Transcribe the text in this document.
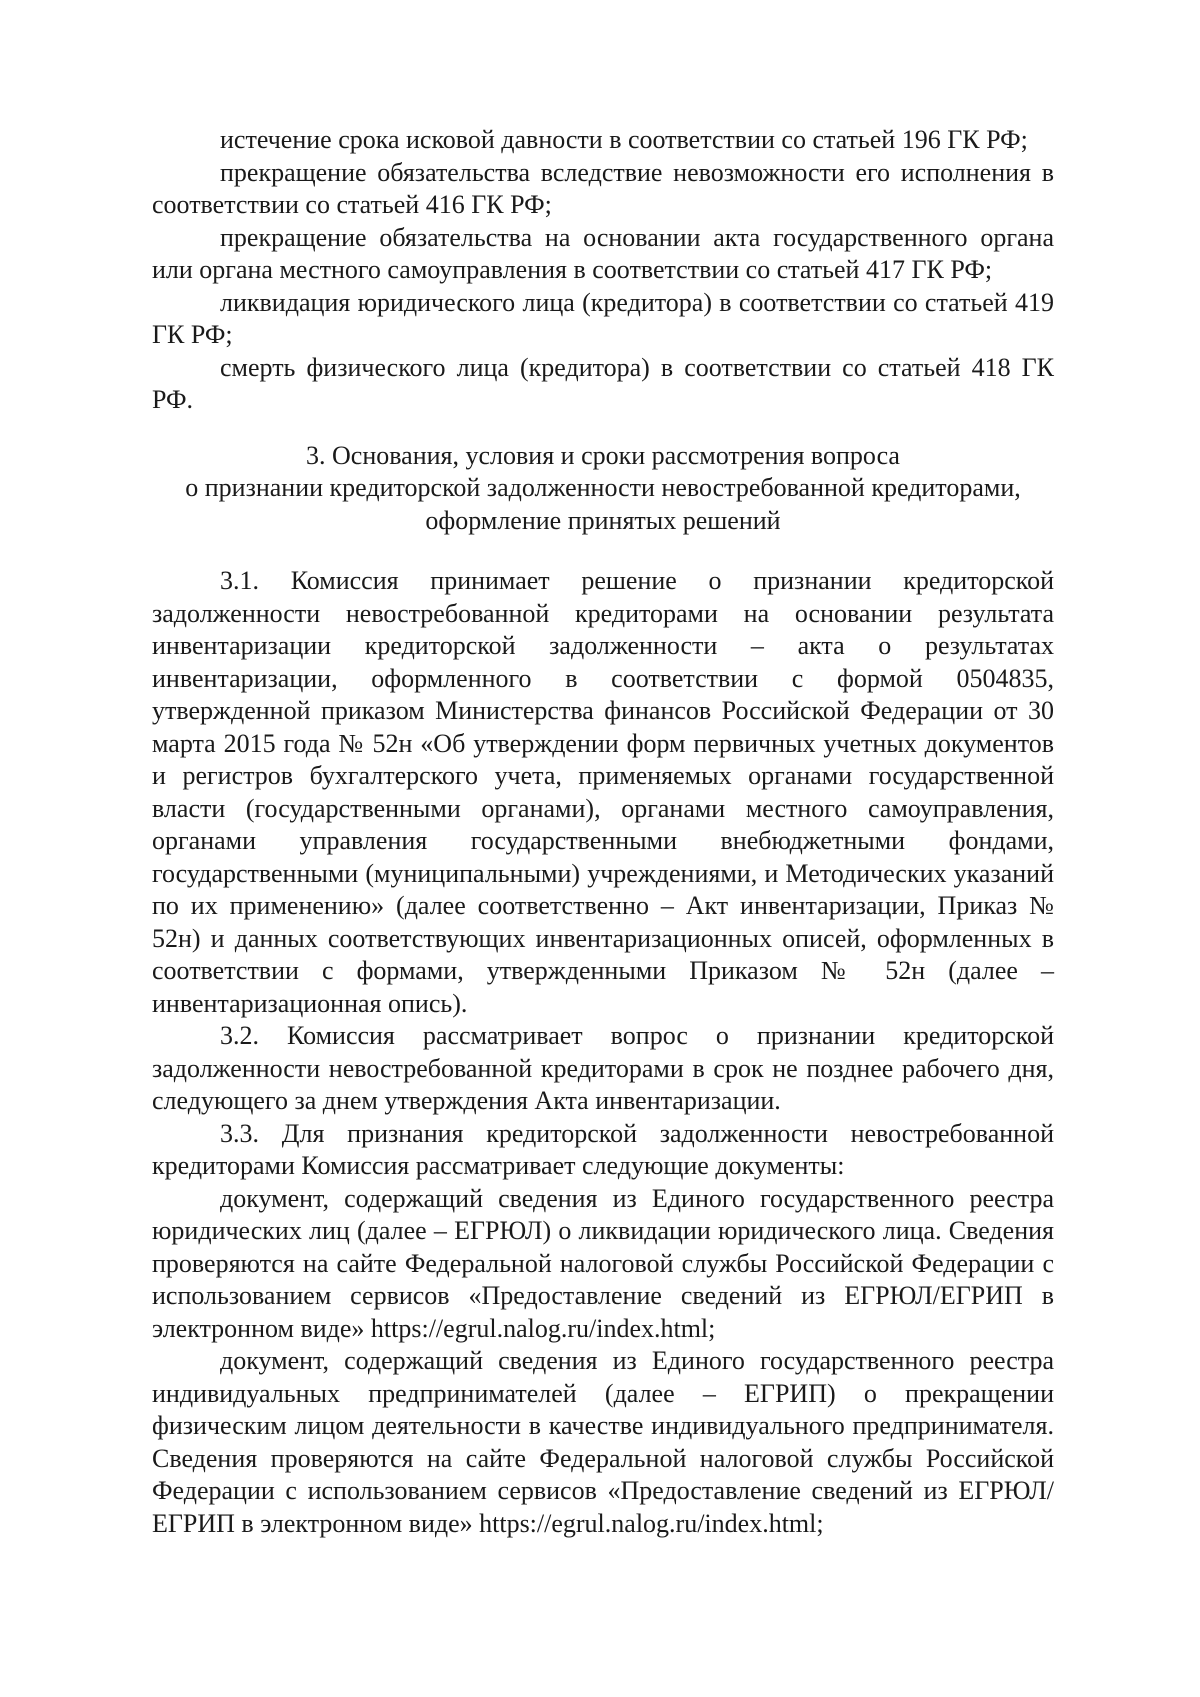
истечение срока исковой давности в соответствии со статьей 196 ГК РФ;

прекращение обязательства вследствие невозможности его исполнения в соответствии со статьей 416 ГК РФ;

прекращение обязательства на основании акта государственного органа или органа местного самоуправления в соответствии со статьей 417 ГК РФ;

ликвидация юридического лица (кредитора) в соответствии со статьей 419 ГК РФ;

смерть физического лица (кредитора) в соответствии со статьей 418 ГК РФ.

3. Основания, условия и сроки рассмотрения вопроса
о признании кредиторской задолженности невостребованной кредиторами,
оформление принятых решений

3.1. Комиссия принимает решение о признании кредиторской задолженности невостребованной кредиторами на основании результата инвентаризации кредиторской задолженности – акта о результатах инвентаризации, оформленного в соответствии с формой 0504835, утвержденной приказом Министерства финансов Российской Федерации от 30 марта 2015 года № 52н «Об утверждении форм первичных учетных документов и регистров бухгалтерского учета, применяемых органами государственной власти (государственными органами), органами местного самоуправления, органами управления государственными внебюджетными фондами, государственными (муниципальными) учреждениями, и Методических указаний по их применению» (далее соответственно – Акт инвентаризации, Приказ № 52н) и данных соответствующих инвентаризационных описей, оформленных в соответствии с формами, утвержденными Приказом № 52н (далее – инвентаризационная опись).

3.2. Комиссия рассматривает вопрос о признании кредиторской задолженности невостребованной кредиторами в срок не позднее рабочего дня, следующего за днем утверждения Акта инвентаризации.

3.3. Для признания кредиторской задолженности невостребованной кредиторами Комиссия рассматривает следующие документы:

документ, содержащий сведения из Единого государственного реестра юридических лиц (далее – ЕГРЮЛ) о ликвидации юридического лица. Сведения проверяются на сайте Федеральной налоговой службы Российской Федерации с использованием сервисов «Предоставление сведений из ЕГРЮЛ/ЕГРИП в электронном виде» https://egrul.nalog.ru/index.html;

документ, содержащий сведения из Единого государственного реестра индивидуальных предпринимателей (далее – ЕГРИП) о прекращении физическим лицом деятельности в качестве индивидуального предпринимателя. Сведения проверяются на сайте Федеральной налоговой службы Российской Федерации с использованием сервисов «Предоставление сведений из ЕГРЮЛ/ЕГРИП в электронном виде» https://egrul.nalog.ru/index.html;
